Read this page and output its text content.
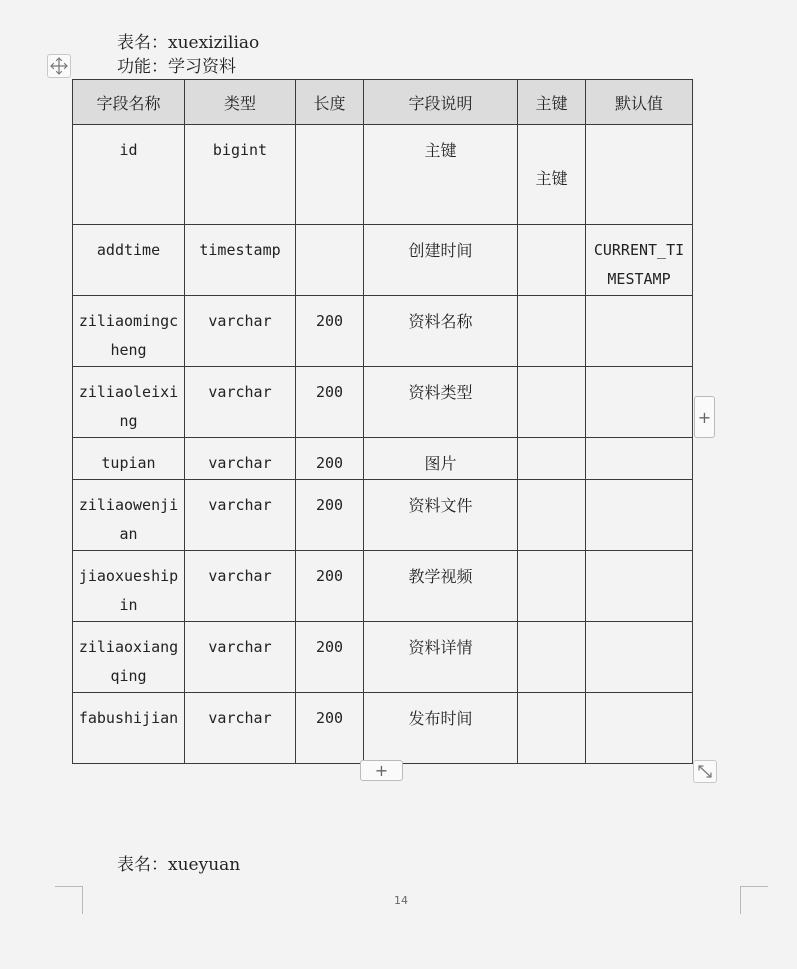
表名：xuexiziliao
功能：学习资料
字段名称	类型	长度	字段说明	主键	默认值
id	bigint		主键	主键	

addtime	timestamp		创建时间		CURRENT_TIMESTAMP
ziliaomingcheng	varchar	200	资料名称		
ziliaoleixing	varchar	200	资料类型		
tupian	varchar	200	图片		
ziliaowenjian	varchar	200	资料文件		
jiaoxueshipin	varchar	200	教学视频		
ziliaoxiangqing	varchar	200	资料详情		
fabushijian	varchar	200	发布时间		
+
+
表名：xueyuan
14
